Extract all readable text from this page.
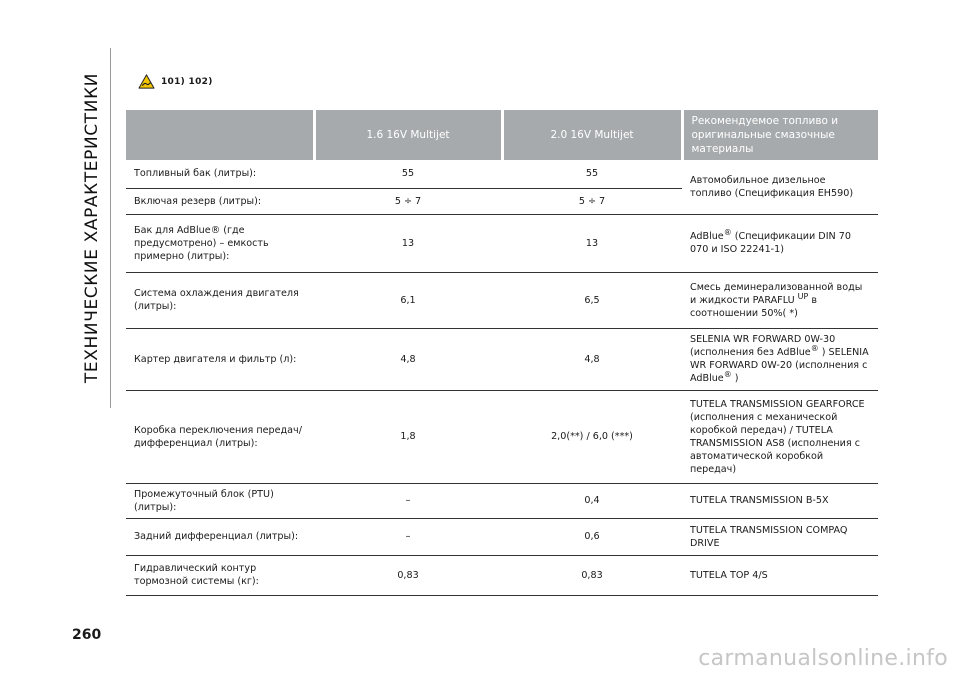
ТЕХНИЧЕСКИЕ ХАРАКТЕРИСТИКИ	101) 102)
	1.6 16V Multijet	2.0 16V Multijet	Рекомендуемое топливо и оригинальные смазочные материалы
Топливный бак (литры):	55	55	Автомобильное дизельное топливо (Спецификация EH590)
Включая резерв (литры):	5 ÷ 7	5 ÷ 7	
Бак для AdBlue® (где предусмотрено) – емкость примерно (литры):	13	13	AdBlue® (Спецификации DIN 70 070 и ISO 22241-1)
Система охлаждения двигателя (литры):	6,1	6,5	Смесь деминерализованной воды и жидкости PARAFLU $^{UP}$ в соотношении 50%( *)
Картер двигателя и фильтр (л):	4,8	4,8	SELENIA WR FORWARD 0W-30 (исполнения без AdBlue® ) SELENIA WR FORWARD 0W-20 (исполнения с AdBlue® )
Коробка переключения передач/дифференциал (литры):	1,8	2,0(**) / 6,0 (***)	TUTELA TRANSMISSION GEARFORCE (исполнения с механической коробкой передач) / TUTELA TRANSMISSION AS8 (исполнения с автоматической коробкой передач)
Промежуточный блок (PTU) (литры):	–	0,4	TUTELA TRANSMISSION B-5X
Задний дифференциал (литры):	–	0,6	TUTELA TRANSMISSION COMPAQ DRIVE
Гидравлический контур тормозной системы (кг):	0,83	0,83	TUTELA TOP 4/S
260
carmanualsonline.info
